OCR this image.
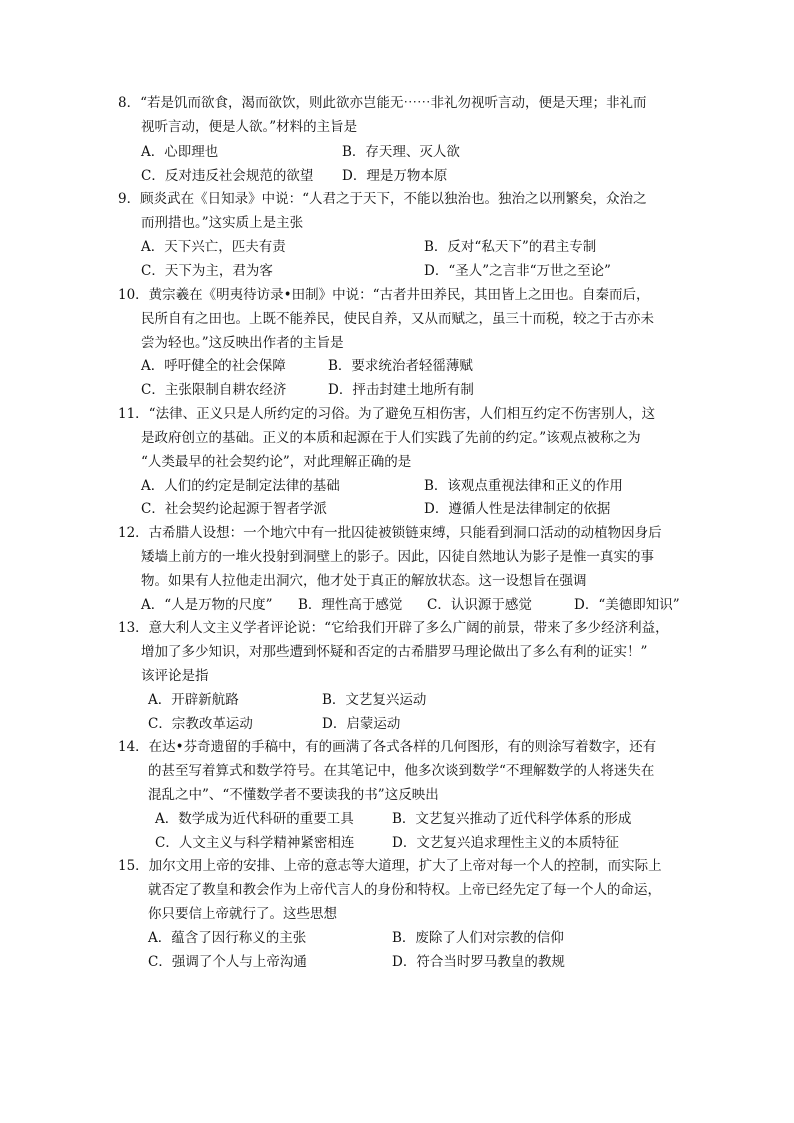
8．“若是饥而欲食，渴而欲饮，则此欲亦岂能无⋯⋯非礼勿视听言动，便是天理；非礼而
视听言动，便是人欲。”材料的主旨是
A．心即理也	B．存天理、灭人欲
C．反对违反社会规范的欲望 D．理是万物本原
9．顾炎武在《日知录》中说：“人君之于天下，不能以独治也。独治之以刑繁矣，众治之
而刑措也。”这实质上是主张
A．天下兴亡，匹夫有责	B．反对“私天下”的君主专制
C．天下为主，君为客	D．“圣人”之言非“万世之至论”
10．黄宗羲在《明夷待访录•田制》中说：“古者井田养民，其田皆上之田也。自秦而后，
民所自有之田也。上既不能养民，使民自养，又从而赋之，虽三十而税，较之于古亦未
尝为轻也。”这反映出作者的主旨是
A．呼吁健全的社会保障	B．要求统治者轻徭薄赋
C．主张限制自耕农经济	D．抨击封建土地所有制
11．“法律、正义只是人所约定的习俗。为了避免互相伤害，人们相互约定不伤害别人，这
是政府创立的基础。正义的本质和起源在于人们实践了先前的约定。”该观点被称之为
“人类最早的社会契约论”，对此理解正确的是
A．人们的约定是制定法律的基础	B．该观点重视法律和正义的作用
C．社会契约论起源于智者学派	D．遵循人性是法律制定的依据
12．古希腊人设想：一个地穴中有一批囚徒被锁链束缚，只能看到洞口活动的动植物因身后
矮墙上前方的一堆火投射到洞壁上的影子。因此，囚徒自然地认为影子是惟一真实的事
物。如果有人拉他走出洞穴，他才处于真正的解放状态。这一设想旨在强调
A．“人是万物的尺度” B．理性高于感觉 C．认识源于感觉	D．“美德即知识”
13．意大利人文主义学者评论说：“它给我们开辟了多么广阔的前景，带来了多少经济利益，
增加了多少知识，对那些遭到怀疑和否定的古希腊罗马理论做出了多么有利的证实！”
该评论是指
A．开辟新航路	B．文艺复兴运动
C．宗教改革运动	D．启蒙运动
14．在达•芬奇遗留的手稿中，有的画满了各式各样的几何图形，有的则涂写着数字，还有
的甚至写着算式和数学符号。在其笔记中，他多次谈到数学“不理解数学的人将迷失在
混乱之中”、“不懂数学者不要读我的书”这反映出
A．数学成为近代科研的重要工具	B．文艺复兴推动了近代科学体系的形成
C．人文主义与科学精神紧密相连	D．文艺复兴追求理性主义的本质特征
15．加尔文用上帝的安排、上帝的意志等大道理，扩大了上帝对每一个人的控制，而实际上
就否定了教皇和教会作为上帝代言人的身份和特权。上帝已经先定了每一个人的命运，
你只要信上帝就行了。这些思想
A．蕴含了因行称义的主张	B．废除了人们对宗教的信仰
C．强调了个人与上帝沟通	D．符合当时罗马教皇的教规
